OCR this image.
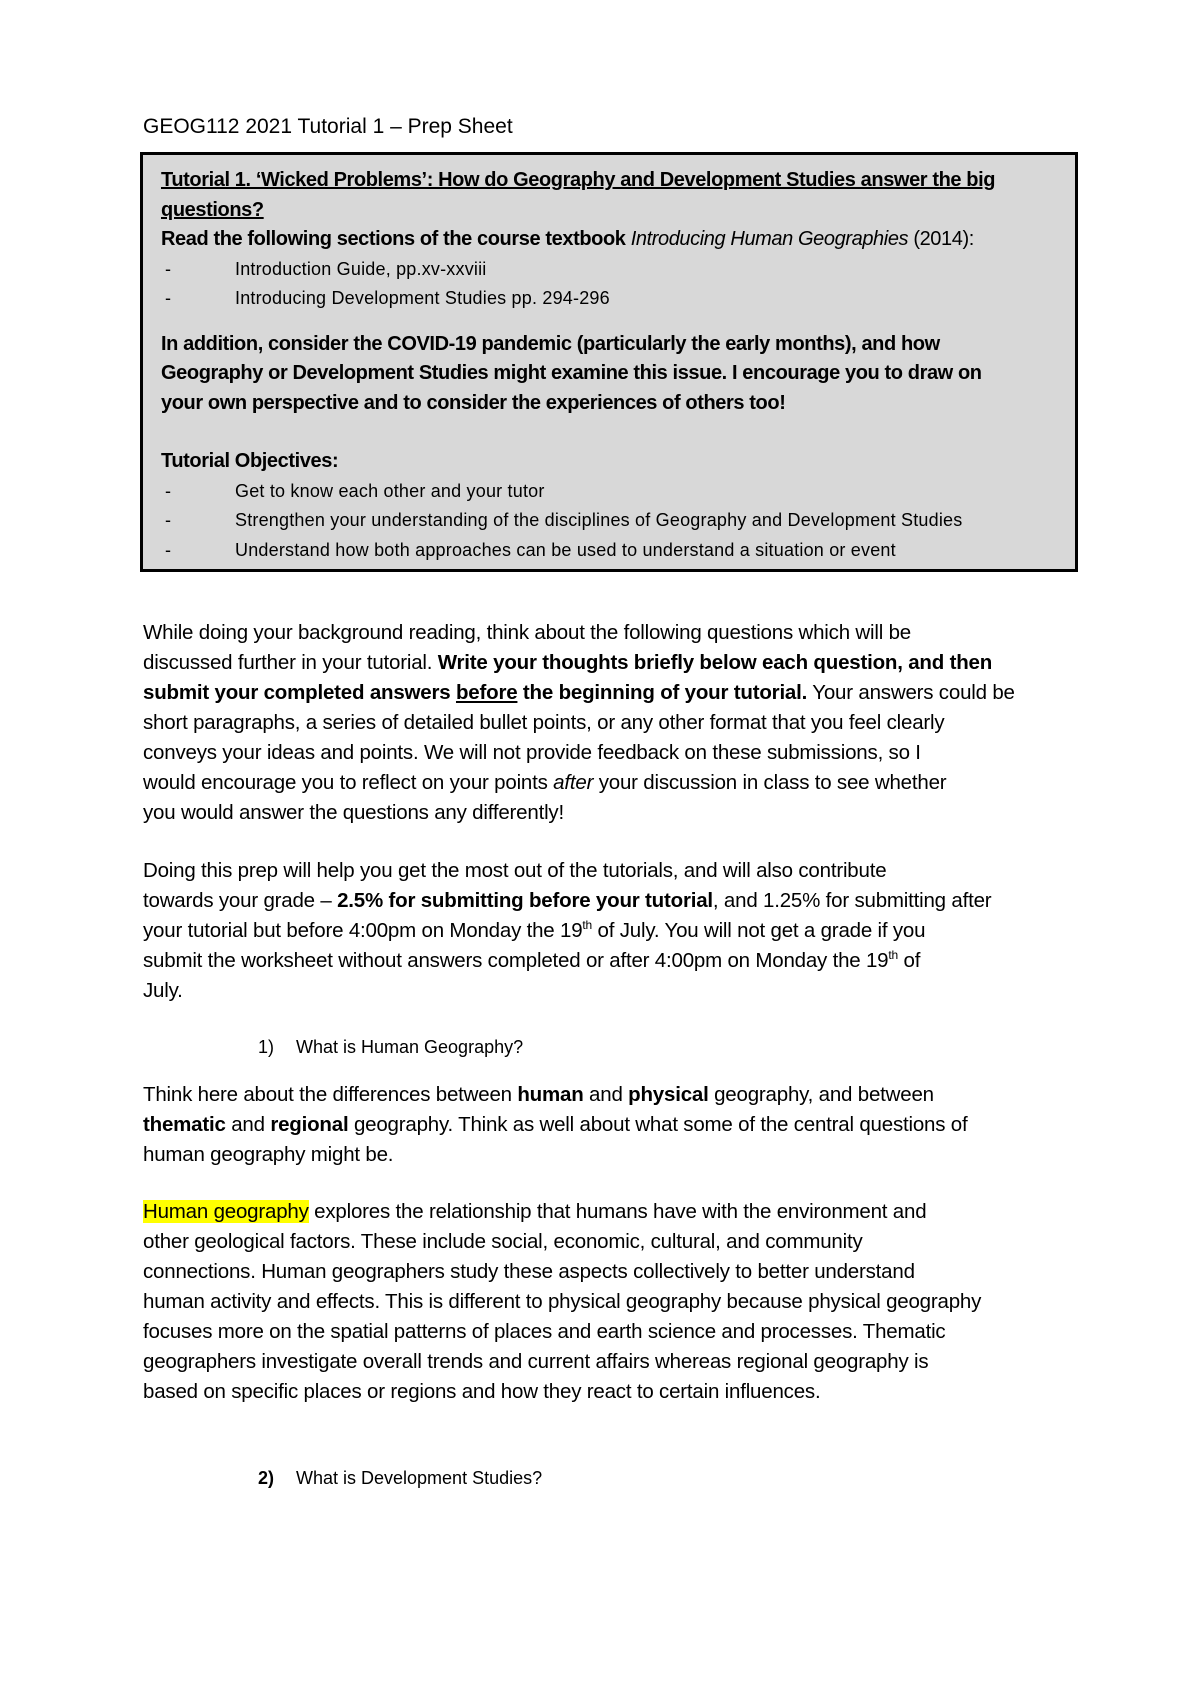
GEOG112 2021 Tutorial 1 – Prep Sheet
Tutorial 1. ‘Wicked Problems’: How do Geography and Development Studies answer the big
questions?
Read the following sections of the course textbook Introducing Human Geographies (2014):
-	Introduction Guide, pp.xv-xxviii
-	Introducing Development Studies pp. 294-296
In addition, consider the COVID-19 pandemic (particularly the early months), and how
Geography or Development Studies might examine this issue. I encourage you to draw on
your own perspective and to consider the experiences of others too!
Tutorial Objectives:
-	Get to know each other and your tutor
-	Strengthen your understanding of the disciplines of Geography and Development Studies
-	Understand how both approaches can be used to understand a situation or event

While doing your background reading, think about the following questions which will be

discussed further in your tutorial. Write your thoughts briefly below each question, and then

submit your completed answers before the beginning of your tutorial. Your answers could be

short paragraphs, a series of detailed bullet points, or any other format that you feel clearly

conveys your ideas and points. We will not provide feedback on these submissions, so I

would encourage you to reflect on your points after your discussion in class to see whether

you would answer the questions any differently!

Doing this prep will help you get the most out of the tutorials, and will also contribute

towards your grade – 2.5% for submitting before your tutorial, and 1.25% for submitting after

your tutorial but before 4:00pm on Monday the 19th of July. You will not get a grade if you

submit the worksheet without answers completed or after 4:00pm on Monday the 19th of

July.

1) What is Human Geography?

Think here about the differences between human and physical geography, and between

thematic and regional geography. Think as well about what some of the central questions of

human geography might be.

Human geography explores the relationship that humans have with the environment and

other geological factors. These include social, economic, cultural, and community

connections. Human geographers study these aspects collectively to better understand

human activity and effects. This is different to physical geography because physical geography

focuses more on the spatial patterns of places and earth science and processes. Thematic

geographers investigate overall trends and current affairs whereas regional geography is

based on specific places or regions and how they react to certain influences.

2) What is Development Studies?
